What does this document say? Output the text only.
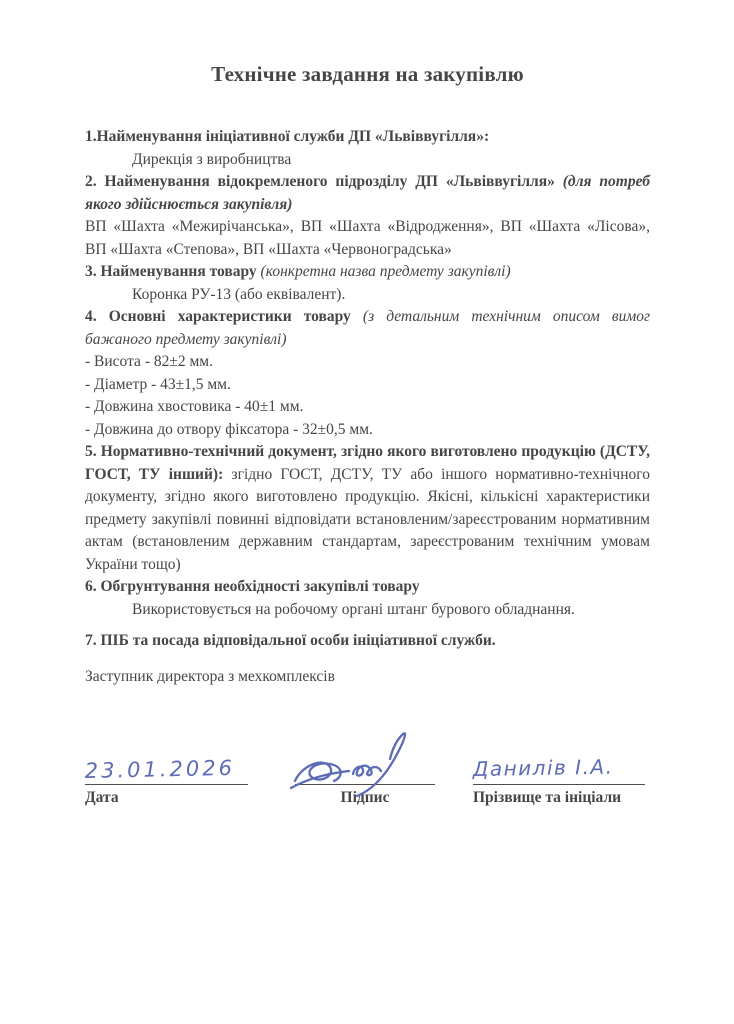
Технічне завдання на закупівлю

1.Найменування ініціативної служби ДП «Львіввугілля»:

Дирекція з виробництва

2. Найменування відокремленого підрозділу ДП «Львіввугілля» (для потреб якого здійснюється закупівля)

ВП «Шахта «Межирічанська», ВП «Шахта «Відродження», ВП «Шахта «Лісова», ВП «Шахта «Степова», ВП «Шахта «Червоноградська»

3. Найменування товару (конкретна назва предмету закупівлі)

Коронка РУ-13 (або еквівалент).

4. Основні характеристики товару (з детальним технічним описом вимог бажаного предмету закупівлі)

- Висота - 82±2 мм.

- Діаметр - 43±1,5 мм.

- Довжина хвостовика - 40±1 мм.

- Довжина до отвору фіксатора - 32±0,5 мм.

5. Нормативно-технічний документ, згідно якого виготовлено продукцію (ДСТУ, ГОСТ, ТУ інший): згідно ГОСТ, ДСТУ, ТУ або іншого нормативно-технічного документу, згідно якого виготовлено продукцію. Якісні, кількісні характеристики предмету закупівлі повинні відповідати встановленим/зареєстрованим нормативним актам (встановленим державним стандартам, зареєстрованим технічним умовам України тощо)

6. Обгрунтування необхідності закупівлі товару

Використовується на робочому органі штанг бурового обладнання.

7. ПІБ та посада відповідальної особи ініціативної служби.

Заступник директора з мехкомплексів

23.01.2026
Дата	Підпис
Данилів І.А.
Прізвище та ініціали
